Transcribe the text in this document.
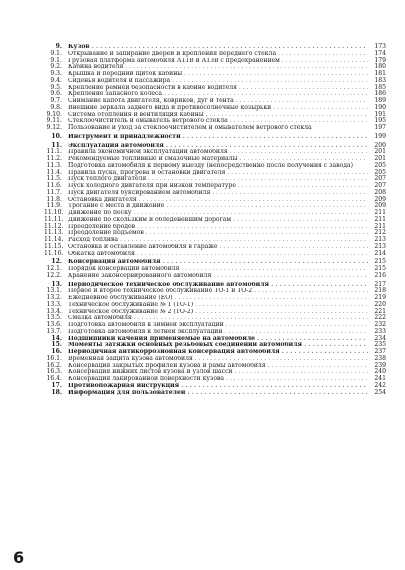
9. Кузов . . .	173
9.1. Открывание и запирание дверей и крепления переднего стекла . . .	174
9.1. Грузовая платформа автомобиля А11В и А13В с предохранением . . .	179
9.2. Кабина водителя . . .	180
9.3. Крышка и передний щиток кабины . . .	181
9.4. Сиденья водителя и пассажира . . .	183
9.5. Крепление ремней безопасности в кабине водителя . . .	185
9.6. Крепление запасного колеса . . .	186
9.7. Снимание капота двигателя, ковриков, дуг и тента . . .	189
9.8. Внешние зеркала заднего вида и противосолнечные козырьки . . .	190
9.10. Система отопления и вентиляция кабины . . .	191
9.11. Стеклоочиститель и омыватель ветрового стекла . . .	195
9.12. Пользование и уход за стеклоочистителем и омывателем ветрового стекла	197
10. Инструмент и принадлежности . . .	199
11. Эксплуатация автомобиля . . .	200
11.1. Правила экономичной эксплуатации автомобиля . . .	201
11.2. Рекомендуемые топливные и смазочные материалы . . .	201
11.3. Подготовка автомобиля к первому выезду (непосредственно после получения с завода)	205
11.4. Правила пуска, прогрева и остановки двигателя . . .	205
11.5. Пуск теплого двигателя . . .	207
11.6. Пуск холодного двигателя при низкой температуре . . .	207
11.7. Пуск двигателя буксированием автомобиля . . .	208
11.8. Остановка двигателя . . .	209
11.9. Трогание с места и движение . . .	209
11.10. Движение по песку . . .	211
11.11. Движение по скользким и обледеневшим дорогам . . .	211
11.12. Преодоление бродов . . .	211
11.13. Преодоление подъемов . . .	212
11.14. Расход топлива . . .	213
11.15. Остановка и оставление автомобиля в гараже . . .	213
11.16. Обкатка автомобиля . . .	214
12. Консервация автомобиля . . .	215
12.1. Порядок консервации автомобиля . . .	215
12.2. Хранение законсервированного автомобиля . . .	216
13. Периодическое техническое обслуживание автомобиля . . .	217
13.1. Первое и второе техническое обслуживание ТО-1 и ТО-2 . . .	218
13.2. Ежедневное обслуживание (ЕО) . . .	219
13.3. Техническое обслуживание № 1 (ТО-1) . . .	220
13.4. Техническое обслуживание № 2 (ТО-2) . . .	221
13.5. Смазка автомобиля . . .	222
13.6. Подготовка автомобиля к зимней эксплуатации . . .	232
13.7. Подготовка автомобиля к летней эксплуатации . . .	233
14. Подшипники качения применяемые на автомобиле . . .	234
15. Моменты затяжки основных резьбовых соединений автомобиля . . .	235
16. Периодичная антикоррозионная консервация автомобиля . . .	237
16.1. Временная защита кузова автомобиля . . .	238
16.2. Консервация закрытых профилей кузова и рамы автомобиля . . .	239
16.3. Консервация нижних листов кузова и узлов шасси . . .	240
16.4. Консервация лакированной поверхности кузова . . .	241
17. Противопожарная инструкция . . .	242
18. Информация для пользователей . . .	254
6
